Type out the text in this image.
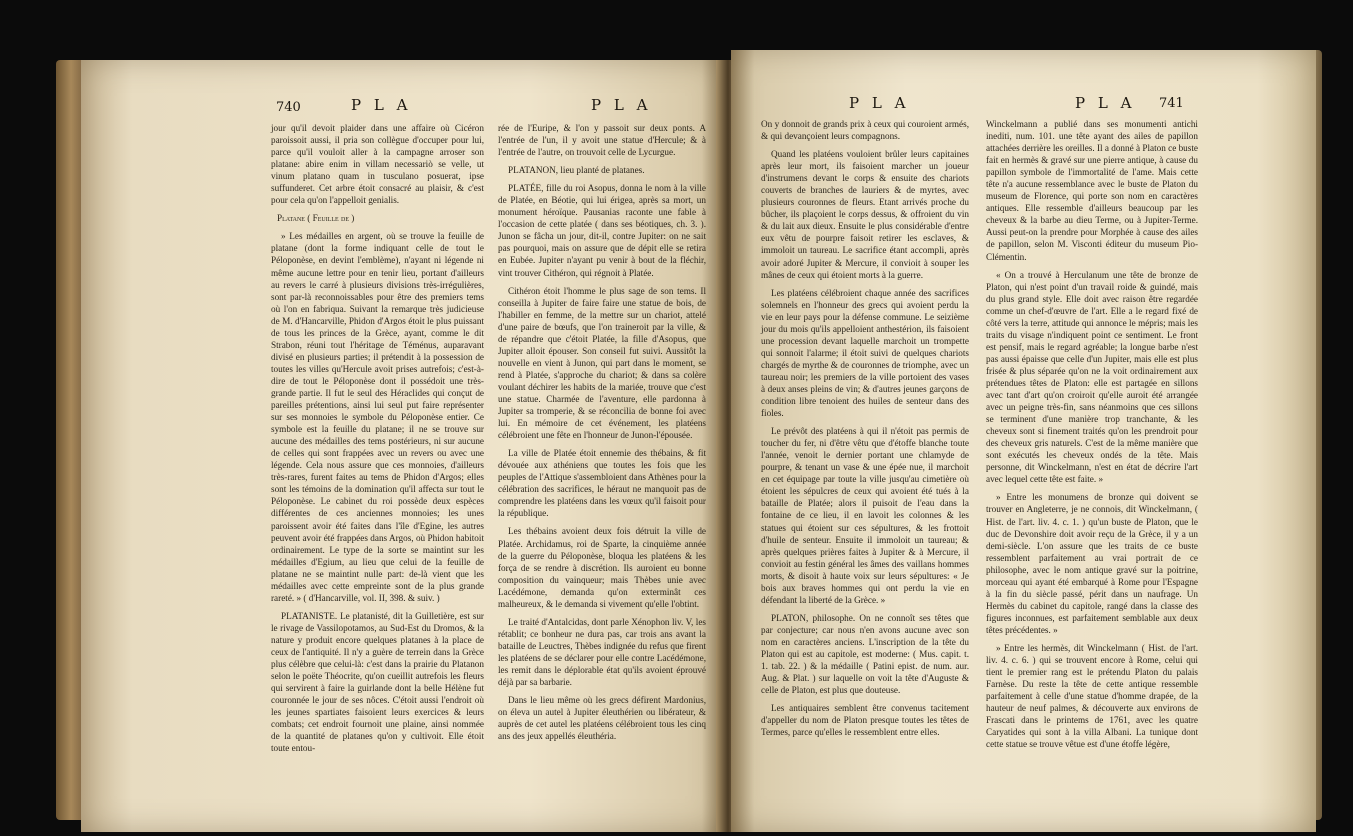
740	P L A	P L A

jour qu'il devoit plaider dans une affaire où Cicéron paroissoit aussi, il pria son collègue d'occuper pour lui, parce qu'il vouloit aller à la campagne arroser son platane: abire enim in villam necessariò se velle, ut vinum platano quam in tusculano posuerat, ipse suffunderet. Cet arbre étoit consacré au plaisir, & c'est pour cela qu'on l'appelloit genialis.

Platane ( Feuille de )

» Les médailles en argent, où se trouve la feuille de platane (dont la forme indiquant celle de tout le Péloponèse, en devint l'emblème), n'ayant ni légende ni même aucune lettre pour en tenir lieu, portant d'ailleurs au revers le carré à plusieurs divisions très-irrégulières, sont par-là reconnoissables pour être des premiers tems où l'on en fabriqua. Suivant la remarque très judicieuse de M. d'Hancarville, Phidon d'Argos étoit le plus puissant de tous les princes de la Grèce, ayant, comme le dit Strabon, réuni tout l'héritage de Téménus, auparavant divisé en plusieurs parties; il prétendit à la possession de toutes les villes qu'Hercule avoit prises autrefois; c'est-à-dire de tout le Péloponèse dont il possédoit une très-grande partie. Il fut le seul des Héraclides qui conçut de pareilles prétentions, ainsi lui seul put faire représenter sur ses monnoies le symbole du Péloponèse entier. Ce symbole est la feuille du platane; il ne se trouve sur aucune des médailles des tems postérieurs, ni sur aucune de celles qui sont frappées avec un revers ou avec une légende. Cela nous assure que ces monnoies, d'ailleurs très-rares, furent faites au tems de Phidon d'Argos; elles sont les témoins de la domination qu'il affecta sur tout le Péloponèse. Le cabinet du roi possède deux espèces différentes de ces anciennes monnoies; les unes paroissent avoir été faites dans l'île d'Egine, les autres peuvent avoir été frappées dans Argos, où Phidon habitoit ordinairement. Le type de la sorte se maintint sur les médailles d'Egium, au lieu que celui de la feuille de platane ne se maintint nulle part: de-là vient que les médailles avec cette empreinte sont de la plus grande rareté. » ( d'Hancarville, vol. II, 398. & suiv. )

PLATANISTE. Le platanisté, dit la Guilletière, est sur le rivage de Vassilopotamos, au Sud-Est du Dromos, & la nature y produit encore quelques platanes à la place de ceux de l'antiquité. Il n'y a guère de terrein dans la Grèce plus célèbre que celui-là: c'est dans la prairie du Platanon selon le poëte Théocrite, qu'on cueillit autrefois les fleurs qui servirent à faire la guirlande dont la belle Hélène fut couronnée le jour de ses nôces. C'étoit aussi l'endroit où les jeunes spartiates faisoient leurs exercices & leurs combats; cet endroit fournoit une plaine, ainsi nommée de la quantité de platanes qu'on y cultivoit. Elle étoit toute entou-

rée de l'Euripe, & l'on y passoit sur deux ponts. A l'entrée de l'un, il y avoit une statue d'Hercule; & à l'entrée de l'autre, on trouvoit celle de Lycurgue.

PLATANON, lieu planté de platanes.

PLATÉE, fille du roi Asopus, donna le nom à la ville de Platée, en Béotie, qui lui érigea, après sa mort, un monument héroïque. Pausanias raconte une fable à l'occasion de cette platée ( dans ses béotiques, ch. 3. ). Junon se fâcha un jour, dit-il, contre Jupiter: on ne sait pas pourquoi, mais on assure que de dépit elle se retira en Eubée. Jupiter n'ayant pu venir à bout de la fléchir, vint trouver Cithéron, qui régnoit à Platée.

Cithéron étoit l'homme le plus sage de son tems. Il conseilla à Jupiter de faire faire une statue de bois, de l'habiller en femme, de la mettre sur un chariot, attelé d'une paire de bœufs, que l'on traineroit par la ville, & de répandre que c'étoit Platée, la fille d'Asopus, que Jupiter alloit épouser. Son conseil fut suivi. Aussitôt la nouvelle en vient à Junon, qui part dans le moment, se rend à Platée, s'approche du chariot; & dans sa colère voulant déchirer les habits de la mariée, trouve que c'est une statue. Charmée de l'aventure, elle pardonna à Jupiter sa tromperie, & se réconcilia de bonne foi avec lui. En mémoire de cet événement, les platéens célébroient une fête en l'honneur de Junon-l'épousée.

La ville de Platée étoit ennemie des thébains, & fit dévouée aux athéniens que toutes les fois que les peuples de l'Attique s'assembloient dans Athènes pour la célébration des sacrifices, le héraut ne manquoit pas de comprendre les platéens dans les vœux qu'il faisoit pour la république.

Les thébains avoient deux fois détruit la ville de Platée. Archidamus, roi de Sparte, la cinquième année de la guerre du Péloponèse, bloqua les platéens & les força de se rendre à discrétion. Ils auroient eu bonne composition du vainqueur; mais Thèbes unie avec Lacédémone, demanda qu'on exterminât ces malheureux, & le demanda si vivement qu'elle l'obtint.

Le traité d'Antalcidas, dont parle Xénophon liv. V, les rétablit; ce bonheur ne dura pas, car trois ans avant la bataille de Leuctres, Thèbes indignée du refus que firent les platéens de se déclarer pour elle contre Lacédémone, les remit dans le déplorable état qu'ils avoient éprouvé déjà par sa barbarie.

Dans le lieu même où les grecs défirent Mardonius, on éleva un autel à Jupiter éleuthérien ou libérateur, & auprès de cet autel les platéens célébroient tous les cinq ans des jeux appellés éleuthéria.

P L A	P L A 741

On y donnoit de grands prix à ceux qui couroient armés, & qui devançoient leurs compagnons.

Quand les platéens vouloient brûler leurs capitaines après leur mort, ils faisoient marcher un joueur d'instrumens devant le corps & ensuite des chariots couverts de branches de lauriers & de myrtes, avec plusieurs couronnes de fleurs. Etant arrivés proche du bûcher, ils plaçoient le corps dessus, & offroient du vin & du lait aux dieux. Ensuite le plus considérable d'entre eux vêtu de pourpre faisoit retirer les esclaves, & immoloit un taureau. Le sacrifice étant accompli, après avoir adoré Jupiter & Mercure, il convioit à souper les mânes de ceux qui étoient morts à la guerre.

Les platéens célébroient chaque année des sacrifices solemnels en l'honneur des grecs qui avoient perdu la vie en leur pays pour la défense commune. Le seizième jour du mois qu'ils appelloient anthestérion, ils faisoient une procession devant laquelle marchoit un trompette qui sonnoit l'alarme; il étoit suivi de quelques chariots chargés de myrthe & de couronnes de triomphe, avec un taureau noir; les premiers de la ville portoient des vases à deux anses pleins de vin; & d'autres jeunes garçons de condition libre tenoient des huiles de senteur dans des fioles.

Le prévôt des platéens à qui il n'étoit pas permis de toucher du fer, ni d'être vêtu que d'étoffe blanche toute l'année, venoit le dernier portant une chlamyde de pourpre, & tenant un vase & une épée nue, il marchoit en cet équipage par toute la ville jusqu'au cimetière où étoient les sépulcres de ceux qui avoient été tués à la bataille de Platée; alors il puisoit de l'eau dans la fontaine de ce lieu, il en lavoit les colonnes & les statues qui étoient sur ces sépultures, & les frottoit d'huile de senteur. Ensuite il immoloit un taureau; & après quelques prières faites à Jupiter & à Mercure, il convioit au festin général les âmes des vaillans hommes morts, & disoit à haute voix sur leurs sépultures: « Je bois aux braves hommes qui ont perdu la vie en défendant la liberté de la Grèce. »

PLATON, philosophe. On ne connoît ses têtes que par conjecture; car nous n'en avons aucune avec son nom en caractères anciens. L'inscription de la tête du Platon qui est au capitole, est moderne: ( Mus. capit. t. 1. tab. 22. ) & la médaille ( Patini epist. de num. aur. Aug. & Plat. ) sur laquelle on voit la tête d'Auguste & celle de Platon, est plus que douteuse.

Les antiquaires semblent être convenus tacitement d'appeller du nom de Platon presque toutes les têtes de Termes, parce qu'elles le ressemblent entre elles.

Winckelmann a publié dans ses monumenti antichi inediti, num. 101. une tête ayant des ailes de papillon attachées derrière les oreilles. Il a donné à Platon ce buste fait en hermès & gravé sur une pierre antique, à cause du papillon symbole de l'immortalité de l'ame. Mais cette tête n'a aucune ressemblance avec le buste de Platon du museum de Florence, qui porte son nom en caractères antiques. Elle ressemble d'ailleurs beaucoup par les cheveux & la barbe au dieu Terme, ou à Jupiter-Terme. Aussi peut-on la prendre pour Morphée à cause des ailes de papillon, selon M. Visconti éditeur du museum Pio-Clémentin.

« On a trouvé à Herculanum une tête de bronze de Platon, qui n'est point d'un travail roide & guindé, mais du plus grand style. Elle doit avec raison être regardée comme un chef-d'œuvre de l'art. Elle a le regard fixé de côté vers la terre, attitude qui annonce le mépris; mais les traits du visage n'indiquent point ce sentiment. Le front est pensif, mais le regard agréable; la longue barbe n'est pas aussi épaisse que celle d'un Jupiter, mais elle est plus frisée & plus séparée qu'on ne la voit ordinairement aux prétendues têtes de Platon: elle est partagée en sillons avec tant d'art qu'on croiroit qu'elle auroit été arrangée avec un peigne très-fin, sans néanmoins que ces sillons se terminent d'une manière trop tranchante, & les cheveux sont si finement traités qu'on les prendroit pour des cheveux gris naturels. C'est de la même manière que sont exécutés les cheveux ondés de la tête. Mais personne, dit Winckelmann, n'est en état de décrire l'art avec lequel cette tête est faite. »

» Entre les monumens de bronze qui doivent se trouver en Angleterre, je ne connois, dit Winckelmann, ( Hist. de l'art. liv. 4. c. 1. ) qu'un buste de Platon, que le duc de Devonshire doit avoir reçu de la Grèce, il y a un demi-siècle. L'on assure que les traits de ce buste ressemblent parfaitement au vrai portrait de ce philosophe, avec le nom antique gravé sur la poitrine, morceau qui ayant été embarqué à Rome pour l'Espagne à la fin du siècle passé, périt dans un naufrage. Un Hermès du cabinet du capitole, rangé dans la classe des figures inconnues, est parfaitement semblable aux deux têtes précédentes. »

» Entre les hermès, dit Winckelmann ( Hist. de l'art. liv. 4. c. 6. ) qui se trouvent encore à Rome, celui qui tient le premier rang est le prétendu Platon du palais Farnèse. Du reste la tête de cette antique ressemble parfaitement à celle d'une statue d'homme drapée, de la hauteur de neuf palmes, & découverte aux environs de Frascati dans le printems de 1761, avec les quatre Caryatides qui sont à la villa Albani. La tunique dont cette statue se trouve vêtue est d'une étoffe légère,
